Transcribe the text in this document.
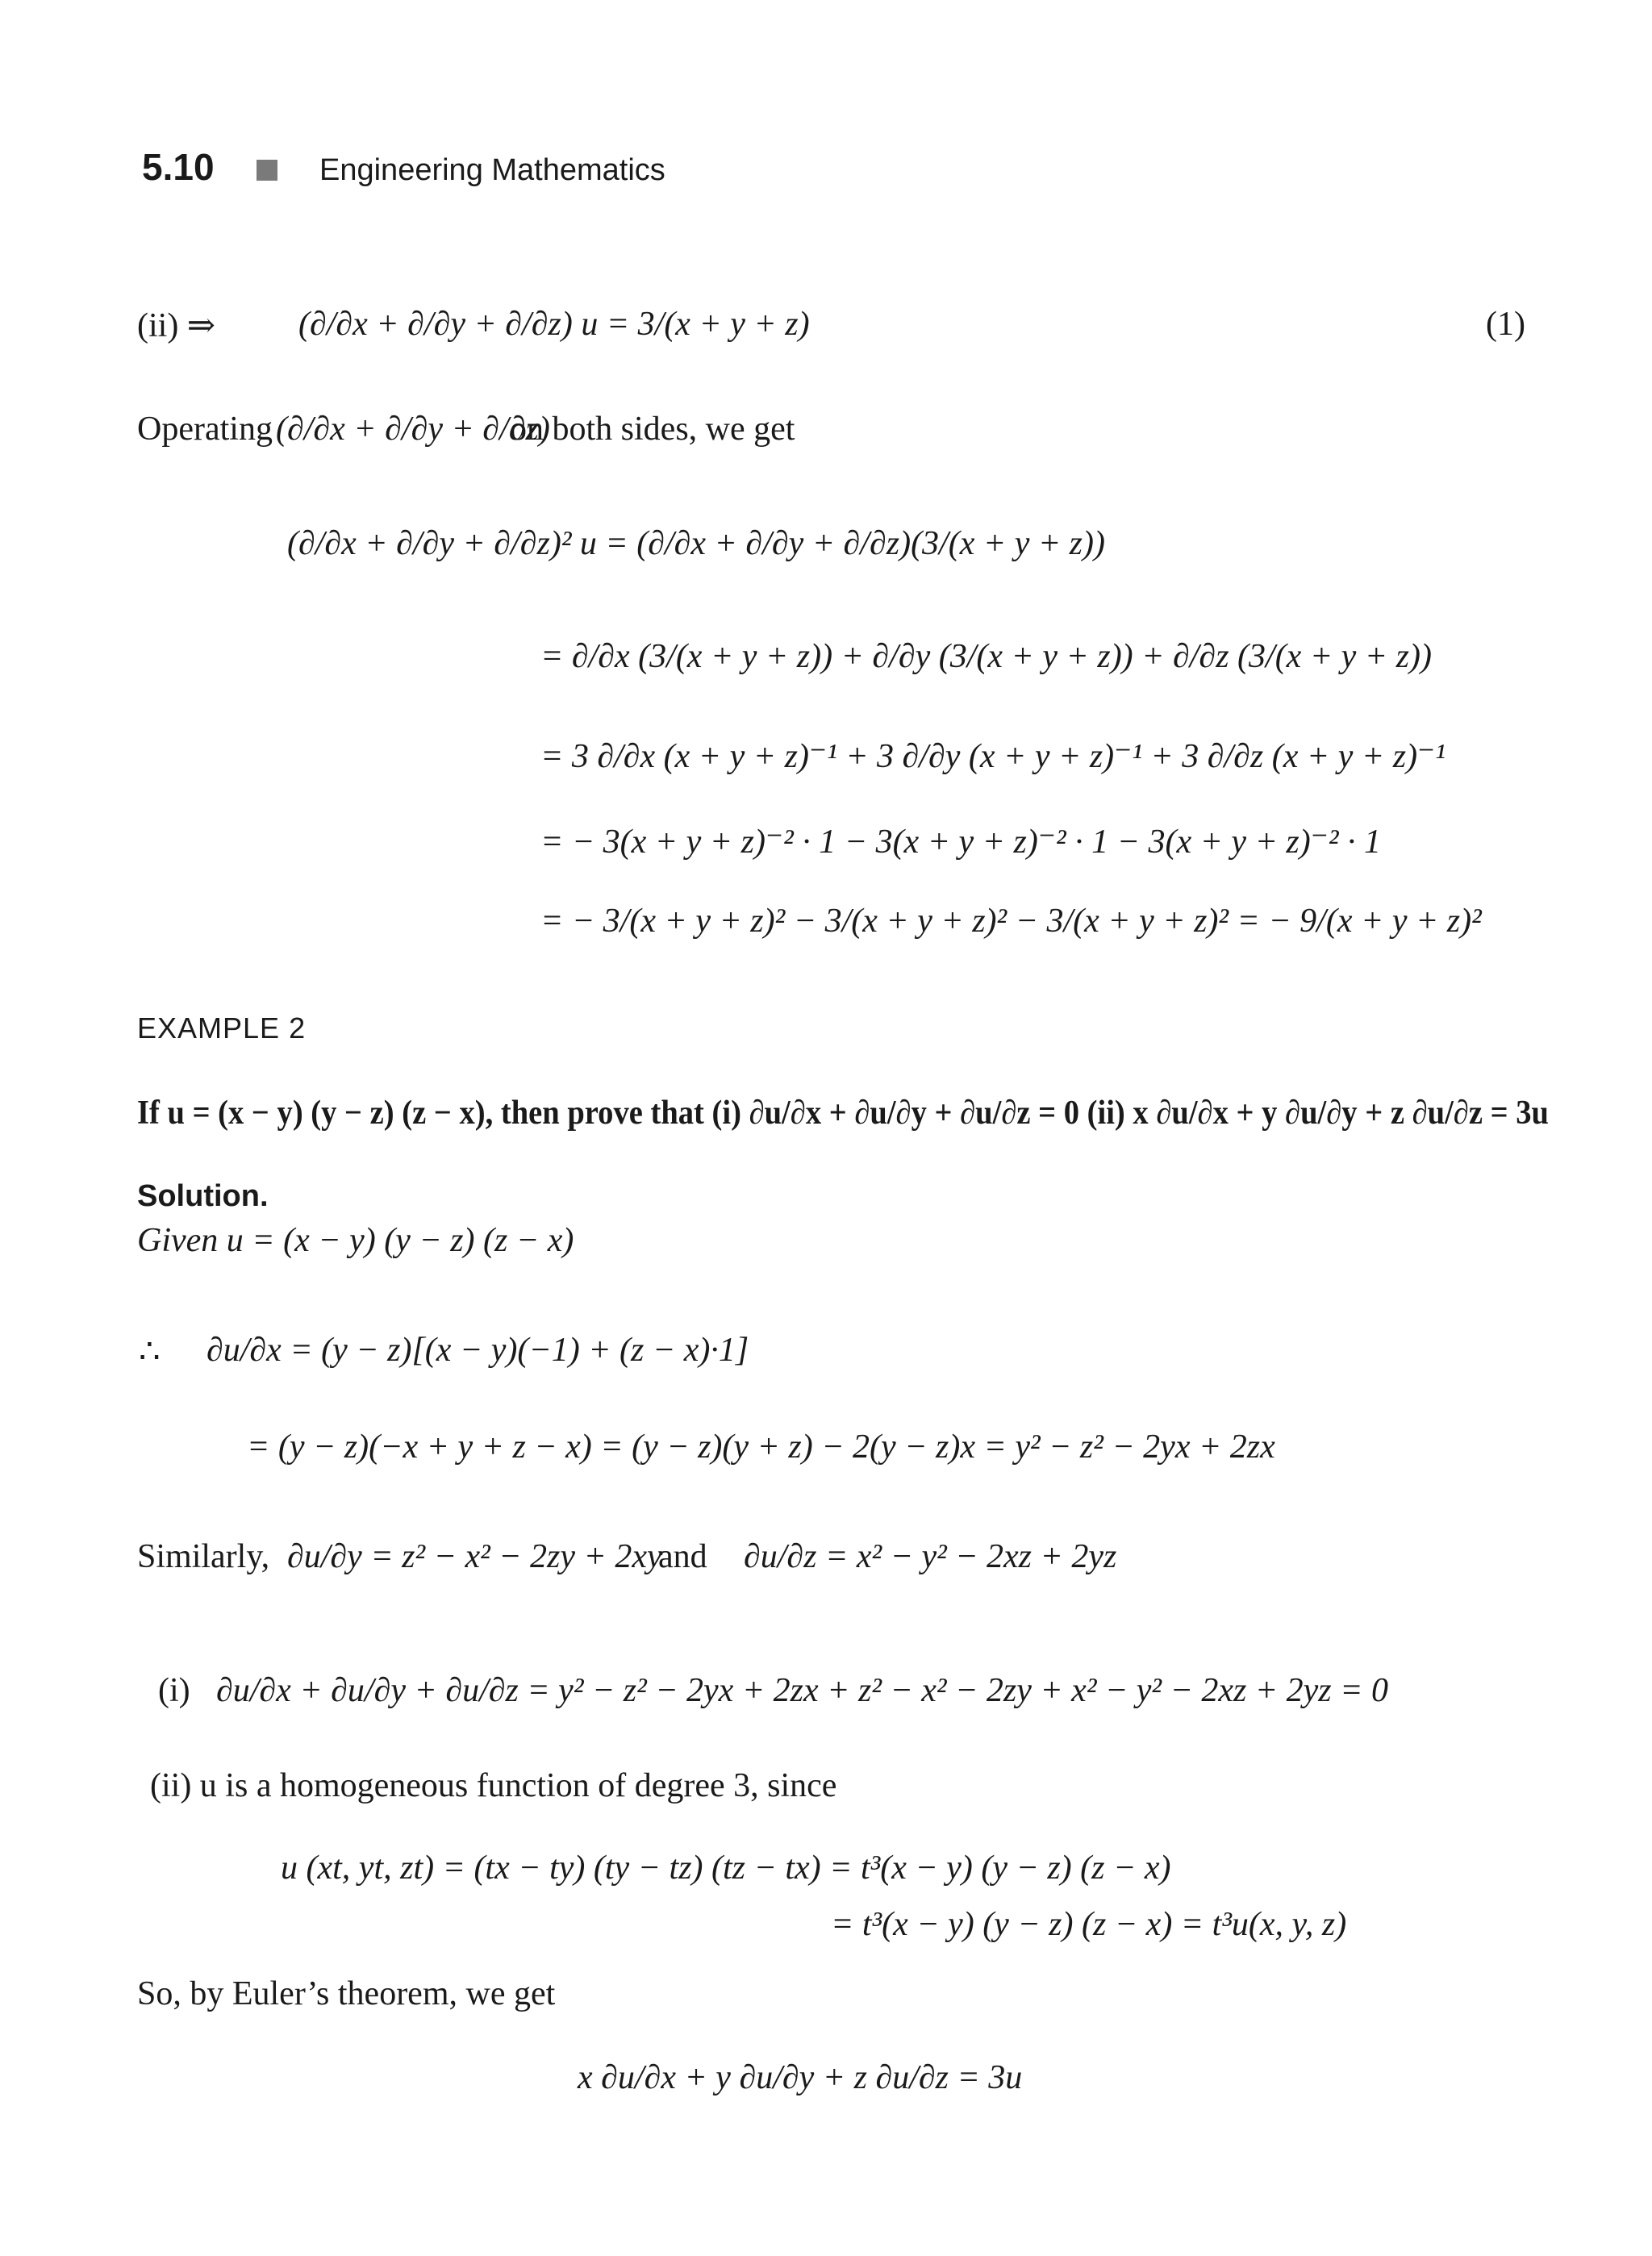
5.10	Engineering Mathematics
(ii) ⇒ (∂/∂x + ∂/∂y + ∂/∂z) u = 3/(x + y + z)	(1)
Operating (∂/∂x + ∂/∂y + ∂/∂z)
on both sides, we get
(∂/∂x + ∂/∂y + ∂/∂z)² u = (∂/∂x + ∂/∂y + ∂/∂z)(3/(x + y + z))
= ∂/∂x (3/(x + y + z)) + ∂/∂y (3/(x + y + z)) + ∂/∂z (3/(x + y + z))
= 3 ∂/∂x (x + y + z)⁻¹ + 3 ∂/∂y (x + y + z)⁻¹ + 3 ∂/∂z (x + y + z)⁻¹
= − 3(x + y + z)⁻² · 1 − 3(x + y + z)⁻² · 1 − 3(x + y + z)⁻² · 1
= − 3/(x + y + z)² − 3/(x + y + z)² − 3/(x + y + z)² = − 9/(x + y + z)²
EXAMPLE 2
If u = (x − y) (y − z) (z − x), then prove that (i) ∂u/∂x + ∂u/∂y + ∂u/∂z = 0 (ii) x ∂u/∂x + y ∂u/∂y + z ∂u/∂z = 3u
Solution.
Given u = (x − y) (y − z) (z − x)
∴ ∂u/∂x = (y − z)[(x − y)(−1) + (z − x)·1]
= (y − z)(−x + y + z − x) = (y − z)(y + z) − 2(y − z)x = y² − z² − 2yx + 2zx
Similarly, ∂u/∂y = z² − x² − 2zy + 2xy
and ∂u/∂z = x² − y² − 2xz + 2yz
(i) ∂u/∂x + ∂u/∂y + ∂u/∂z = y² − z² − 2yx + 2zx + z² − x² − 2zy + x² − y² − 2xz + 2yz = 0
(ii) u is a homogeneous function of degree 3, since
u (xt, yt, zt) = (tx − ty) (ty − tz) (tz − tx) = t³(x − y) (y − z) (z − x)
= t³(x − y) (y − z) (z − x) = t³u(x, y, z)
So, by Euler’s theorem, we get
x ∂u/∂x + y ∂u/∂y + z ∂u/∂z = 3u
